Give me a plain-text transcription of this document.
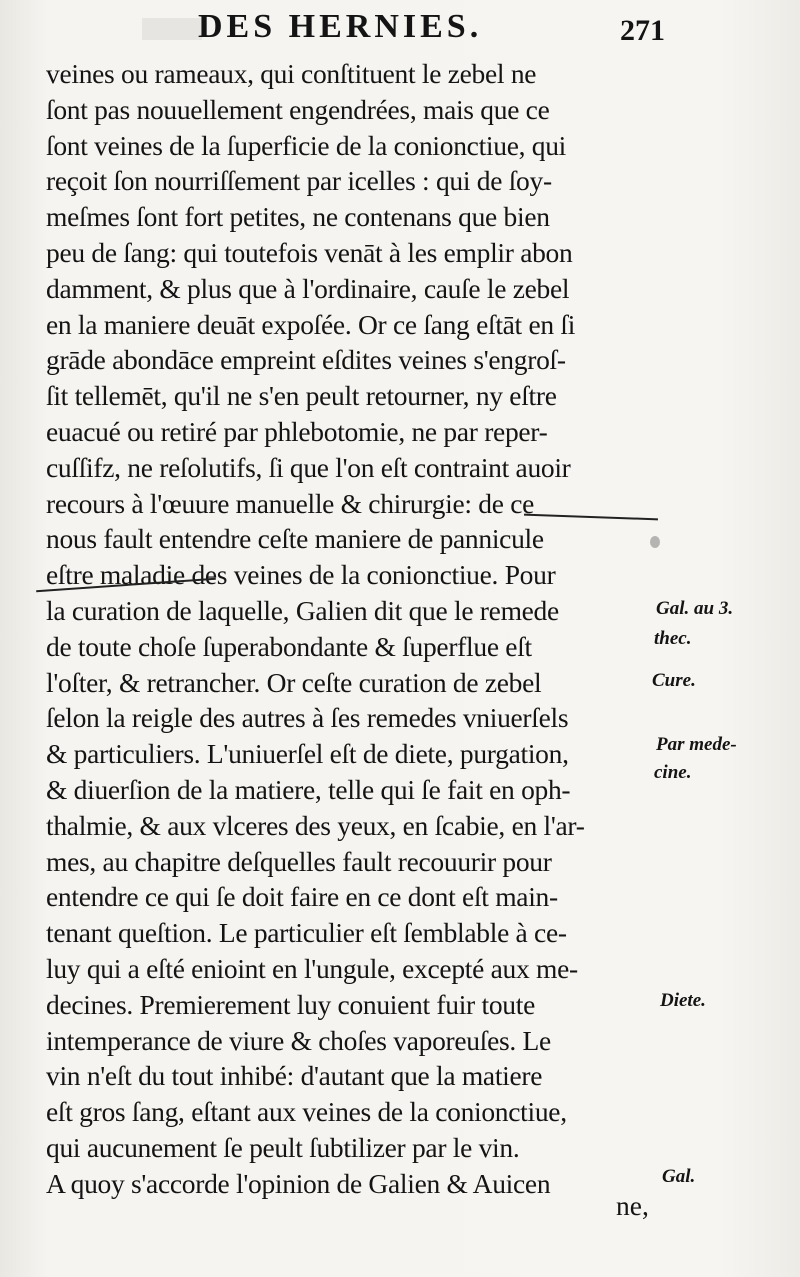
DES HERNIES.	271
veines ou rameaux, qui conſtituent le zebel ne
ſont pas nouuellement engendrées, mais que ce
ſont veines de la ſuperficie de la conionctiue, qui
reçoit ſon nourriſſement par icelles : qui de ſoy-
meſmes ſont fort petites, ne contenans que bien
peu de ſang: qui toutefois venāt à les emplir abon
damment, & plus que à l'ordinaire, cauſe le zebel
en la maniere deuāt expoſée. Or ce ſang eſtāt en ſi
grāde abondāce empreint eſdites veines s'engroſ-
ſit tellemēt, qu'il ne s'en peult retourner, ny eſtre
euacué ou retiré par phlebotomie, ne par reper-
cuſſifz, ne reſolutifs, ſi que l'on eſt contraint auoir
recours à l'œuure manuelle & chirurgie: de ce
nous fault entendre ceſte maniere de pannicule
eſtre maladie des veines de la conionctiue. Pour
la curation de laquelle, Galien dit que le remede
de toute choſe ſuperabondante & ſuperflue eſt
l'oſter, & retrancher. Or ceſte curation de zebel
ſelon la reigle des autres à ſes remedes vniuerſels
& particuliers. L'uniuerſel eſt de diete, purgation,
& diuerſion de la matiere, telle qui ſe fait en oph-
thalmie, & aux vlceres des yeux, en ſcabie, en l'ar-
mes, au chapitre deſquelles fault recouurir pour
entendre ce qui ſe doit faire en ce dont eſt main-
tenant queſtion. Le particulier eſt ſemblable à ce-
luy qui a eſté enioint en l'ungule, excepté aux me-
decines. Premierement luy conuient fuir toute
intemperance de viure & choſes vaporeuſes. Le
vin n'eſt du tout inhibé: d'autant que la matiere
eſt gros ſang, eſtant aux veines de la conionctiue,
qui aucunement ſe peult ſubtilizer par le vin.
A quoy s'accorde l'opinion de Galien & Auicen
Gal. au 3.
thec.
Cure.
Par mede-
cine.
Diete.
Gal.
ne,
